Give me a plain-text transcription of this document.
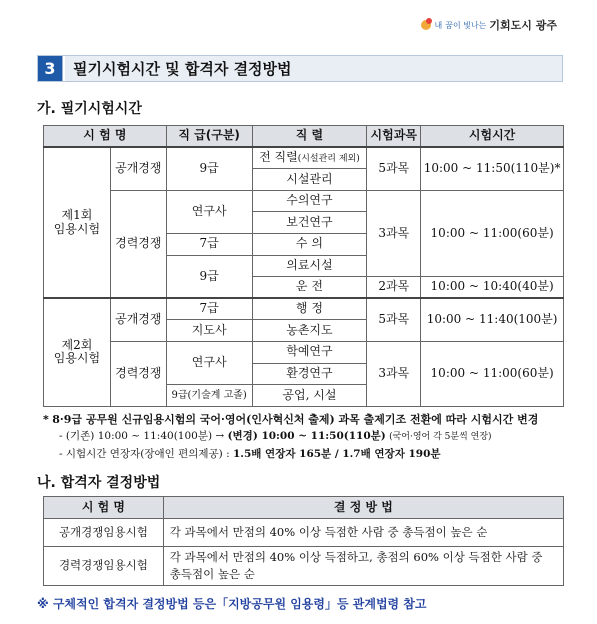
내 꿈이 빛나는 기회도시 광주
3	필기시험시간 및 합격자 결정방법
가. 필기시험시간
시 험 명		직 급(구분)	직 렬	시험과목	시험시간
제1회
임용시험	공개경쟁	9급	전 직렬(시설관리 제외)	5과목	10:00 ~ 11:50(110분)*
			시설관리		
	경력경쟁	연구사	수의연구	3과목	10:00 ~ 11:00(60분)
			보건연구		
		7급	수 의		
		9급	의료시설		
			운 전	2과목	10:00 ~ 10:40(40분)
제2회
임용시험	공개경쟁	7급	행 정	5과목	10:00 ~ 11:40(100분)
		지도사	농촌지도		
	경력경쟁	연구사	학예연구	3과목	10:00 ~ 11:00(60분)
			환경연구		
		9급(기술계 고졸)	공업, 시설		
* 8·9급 공무원 신규임용시험의 국어·영어(인사혁신처 출제) 과목 출제기조 전환에 따라 시험시간 변경
- (기존) 10:00 ~ 11:40(100분) → (변경) 10:00 ~ 11:50(110분) (국어·영어 각 5분씩 연장)
- 시험시간 연장자(장애인 편의제공) : 1.5배 연장자 165분 / 1.7배 연장자 190분
나. 합격자 결정방법
시 험 명	결 정 방 법
공개경쟁임용시험	각 과목에서 만점의 40% 이상 득점한 사람 중 총득점이 높은 순
경력경쟁임용시험	각 과목에서 만점의 40% 이상 득점하고, 총점의 60% 이상 득점한 사람 중 총득점이 높은 순
※ 구체적인 합격자 결정방법 등은「지방공무원 임용령」등 관계법령 참고
